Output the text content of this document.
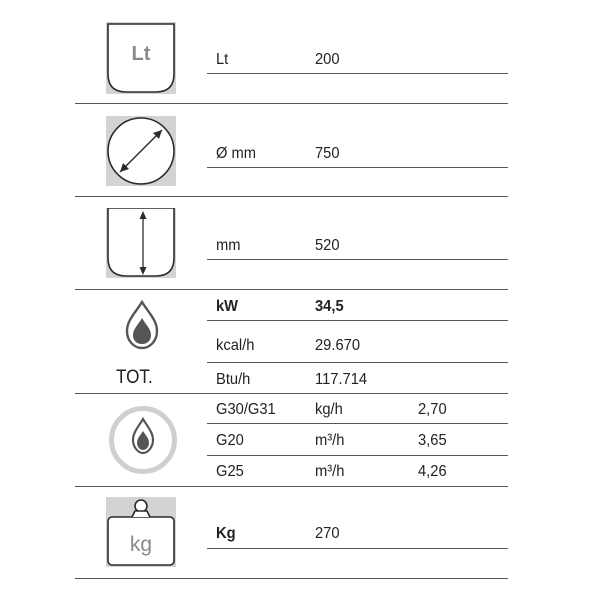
Lt
TOT.
kg
Lt	200
Ø mm	750
mm	520
kW	34,5
kcal/h	29.670
Btu/h	117.714
G30/G31 kg/h	2,70
G20	m³/h	3,65
G25	m³/h	4,26
Kg	270
